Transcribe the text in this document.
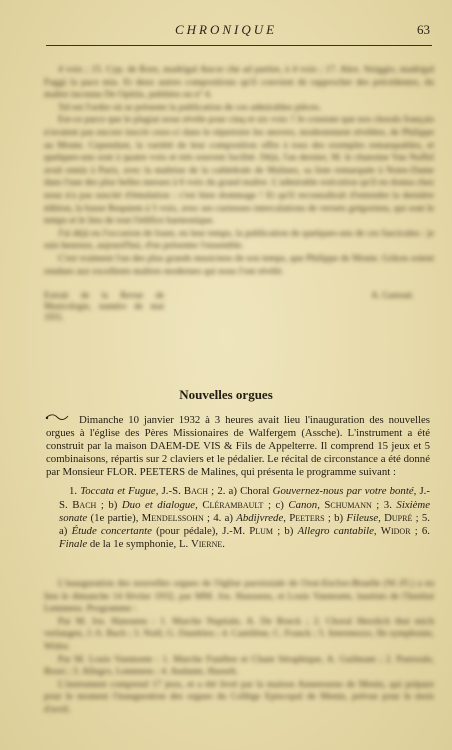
CHRONIQUE	63

4 voix ; 15. Cyp. de Rore, madrigal Ancor che ad partire, à 4 voix ; 17. Alex. Striggio, madrigal Fuggi la pace mia. Et deux autres compositions qu'il convient de rapprocher des précédentes, du maître inconnu De Opitiis, publiées en nº 4.

Tel est l'ordre où se présente la publication de ces admirables pièces.

Est-ce parce que le plagiat nous révèle pour cinq et six voix ? Je constate que nos chorals français n'avaient pas encore inscrit ceux-ci dans le répertoire les œuvres, modestement révélées, de Philippe au Monte. Cependant, la variété de leur composition offre à tous des exemples remarquables, et quelques-uns sont à quatre voix et très souvent facilité. Déjà, l'an dernier, M. le chanoine Van Nuffel avait remis à Paris, avec la maîtrise de la cathédrale de Malines, sa liste remarquée à Notre-Dame dans l'une des plus belles messes à 6 voix du grand maître. L'admirable exécution qu'il en donna chez nous n'a pas suscité d'émulation : c'est bien dommage ! Et qu'il reconnaîtrait d'entendre la dernière édition, la basse Requiem à 5 voix, avec ses curieuses intercalations de versets grégoriens, qui sont le temps et le lieu de tout l'édifice harmonique.

J'ai déjà eu l'occasion de louer, en leur temps, la publication de quelques-uns de ces fascicules : je suis heureux, aujourd'hui, d'en présenter l'ensemble.

C'est vraiment l'un des plus grands musiciens de son temps, que Philippe de Monte. Grâces soient rendues aux excellents maîtres modernes qui nous l'ont révélé.

Extrait de la Revue de Musicologie, numéro de mai 1931.
A. Gastoué.
Nouvelles orgues

Dimanche 10 janvier 1932 à 3 heures avait lieu l'inauguration des nouvelles orgues à l'église des Pères Missionaires de Walfergem (Assche). L'instrument a été construit par la maison DAEM-DE VIS & Fils de Appelterre. Il comprend 15 jeux et 5 combinaisons, répartis sur 2 claviers et le pédalier. Le récital de circonstance a été donné par Monsieur FLOR. PEETERS de Malines, qui présenta le programme suivant :

1. Toccata et Fugue, J.-S. Bach ; 2. a) Choral Gouvernez-nous par votre bonté, J.-S. Bach ; b) Duo et dialogue, Clérambault ; c) Canon, Schumann ; 3. Sixième sonate (1e partie), Mendelssohn ; 4. a) Abdijvrede, Peeters ; b) Fileuse, Dupré ; 5. a) Étude concertante (pour pédale), J.-M. Plum ; b) Allegro cantabile, Widor ; 6. Finale de la 1e symphonie, L. Vierne.

L'inauguration des nouvelles orgues de l'église paroissiale de Oost-Eecloo-Bruelle (W.-Fl.) a eu lieu le dimanche 14 février 1932, par MM. Jos. Hanssens, et Louis Vanmoete, lauréats de l'Institut Lemmens. Programme :

Par M. Jos. Hanssens : 1. Marche Nuptiale, A. De Boeck ; 2. Choral Herzlich thut mich verlangen, J.-S. Bach ; 3. Noël, G. Dandrieu ; 4. Cantilène, C. Franck ; 5. Intermezzo, IIe symphonie, Widor.

Par M. Louis Vanmoete : 1. Marche Funèbre et Chant Séraphique, A. Guilmant ; 2. Pastorale, Bossi ; 3. Allegro, Lemmens ; 4. Andante, Hasselt.

L'instrument comprend 17 jeux, et a été livré par la maison Anneessens de Menin, qui prépare pour le moment l'inauguration des orgues du Collège Episcopal de Menin, prévue pour le mois d'avril.
